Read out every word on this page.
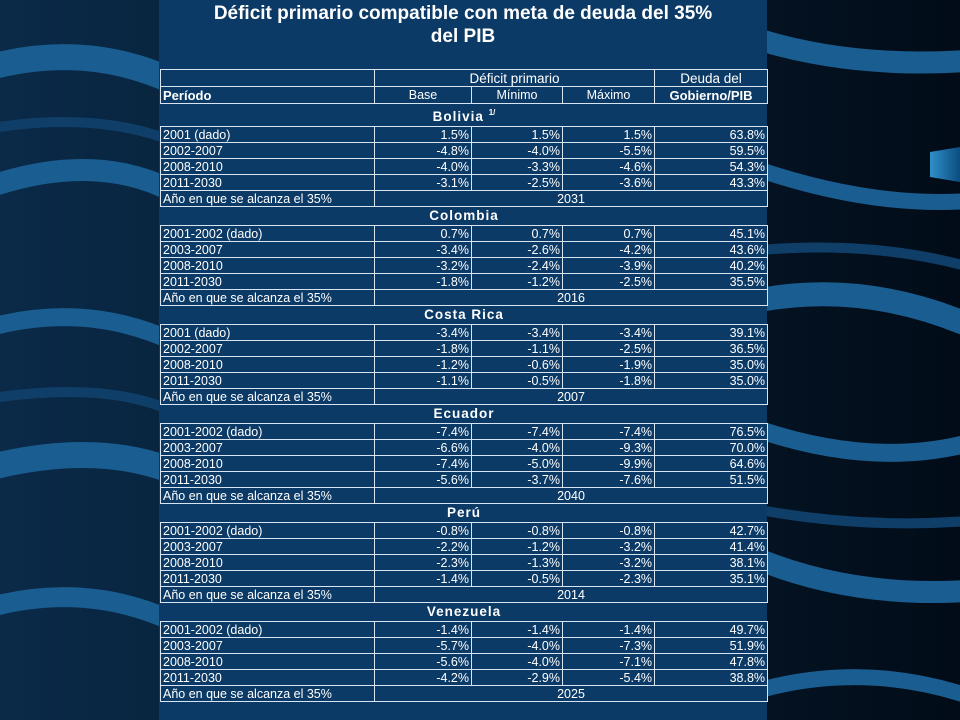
Déficit primario compatible con meta de deuda del 35%
del PIB
	Déficit primario			Deuda del
Período	Base	Mínimo	Máximo	Gobierno/PIB
Bolivia $^{1/}$
2001 (dado)	1.5%	1.5%	1.5%	63.8%
2002-2007	-4.8%	-4.0%	-5.5%	59.5%
2008-2010	-4.0%	-3.3%	-4.6%	54.3%
2011-2030	-3.1%	-2.5%	-3.6%	43.3%
Año en que se alcanza el 35%	2031			
Colombia				
2001-2002 (dado)	0.7%	0.7%	0.7%	45.1%
2003-2007	-3.4%	-2.6%	-4.2%	43.6%
2008-2010	-3.2%	-2.4%	-3.9%	40.2%
2011-2030	-1.8%	-1.2%	-2.5%	35.5%
Año en que se alcanza el 35%	2016			
Costa Rica				
2001 (dado)	-3.4%	-3.4%	-3.4%	39.1%
2002-2007	-1.8%	-1.1%	-2.5%	36.5%
2008-2010	-1.2%	-0.6%	-1.9%	35.0%
2011-2030	-1.1%	-0.5%	-1.8%	35.0%
Año en que se alcanza el 35%	2007			
Ecuador				
2001-2002 (dado)	-7.4%	-7.4%	-7.4%	76.5%
2003-2007	-6.6%	-4.0%	-9.3%	70.0%
2008-2010	-7.4%	-5.0%	-9.9%	64.6%
2011-2030	-5.6%	-3.7%	-7.6%	51.5%
Año en que se alcanza el 35%	2040			
Perú				
2001-2002 (dado)	-0.8%	-0.8%	-0.8%	42.7%
2003-2007	-2.2%	-1.2%	-3.2%	41.4%
2008-2010	-2.3%	-1.3%	-3.2%	38.1%
2011-2030	-1.4%	-0.5%	-2.3%	35.1%
Año en que se alcanza el 35%	2014			
Venezuela				
2001-2002 (dado)	-1.4%	-1.4%	-1.4%	49.7%
2003-2007	-5.7%	-4.0%	-7.3%	51.9%
2008-2010	-5.6%	-4.0%	-7.1%	47.8%
2011-2030	-4.2%	-2.9%	-5.4%	38.8%
Año en que se alcanza el 35%	2025			
